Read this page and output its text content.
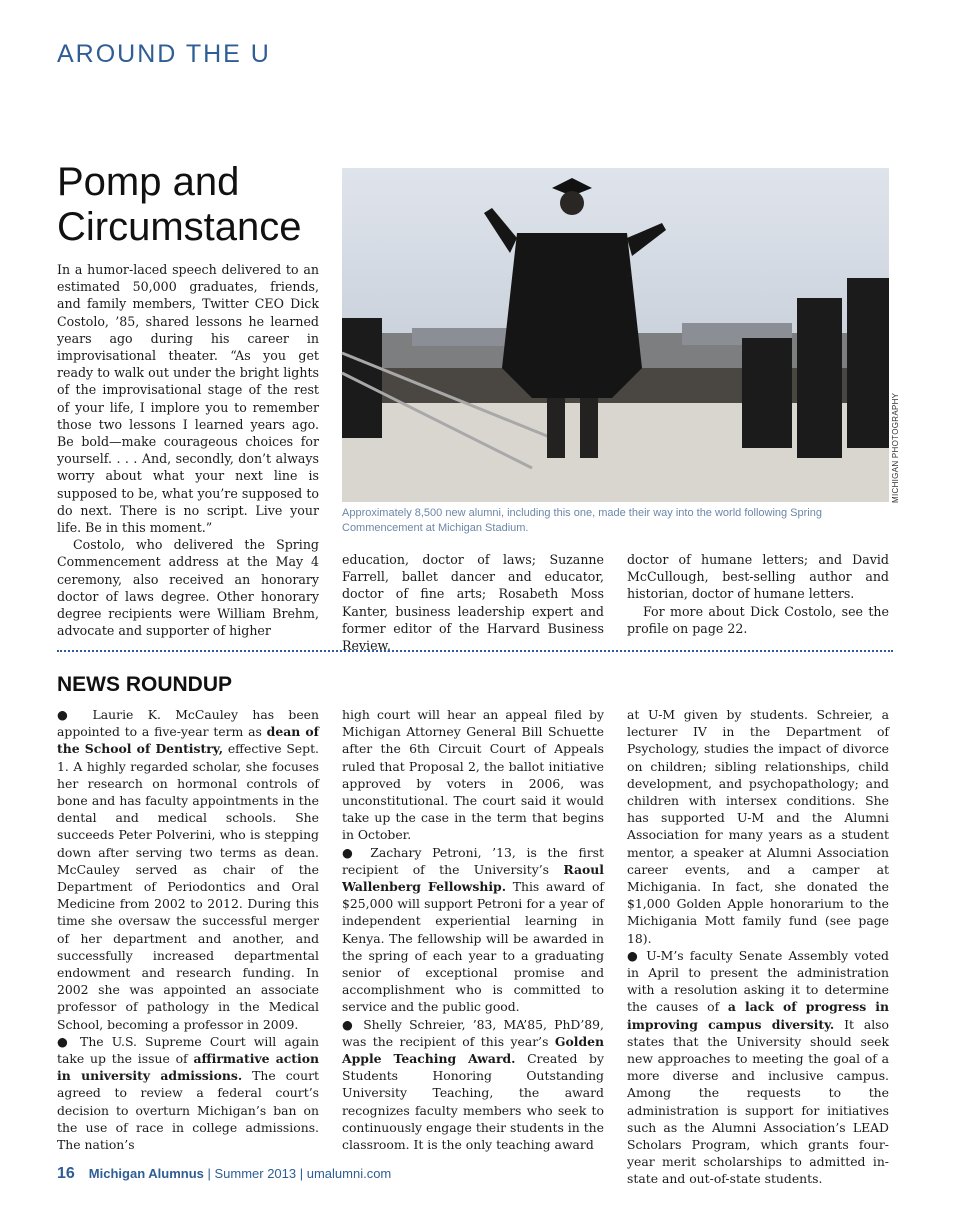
AROUND THE U
Pomp and Circumstance

In a humor-laced speech delivered to an estimated 50,000 graduates, friends, and family members, Twitter CEO Dick Costolo, ’85, shared lessons he learned years ago during his career in improvisational theater. “As you get ready to walk out under the bright lights of the improvisational stage of the rest of your life, I implore you to remember those two lessons I learned years ago. Be bold—make courageous choices for yourself. . . . And, secondly, don’t always worry about what your next line is supposed to be, what you’re supposed to do next. There is no script. Live your life. Be in this moment.”

Costolo, who delivered the Spring Commencement address at the May 4 ceremony, also received an honorary doctor of laws degree. Other honorary degree recipients were William Brehm, advocate and supporter of higher

MICHIGAN PHOTOGRAPHY

Approximately 8,500 new alumni, including this one, made their way into the world following Spring Commencement at Michigan Stadium.

education, doctor of laws; Suzanne Farrell, ballet dancer and educator, doctor of fine arts; Rosabeth Moss Kanter, business leadership expert and former editor of the Harvard Business Review,

doctor of humane letters; and David McCullough, best-selling author and historian, doctor of humane letters.

For more about Dick Costolo, see the profile on page 22.

NEWS ROUNDUP

● Laurie K. McCauley has been appointed to a five-year term as dean of the School of Dentistry, effective Sept. 1. A highly regarded scholar, she focuses her research on hormonal controls of bone and has faculty appointments in the dental and medical schools. She succeeds Peter Polverini, who is stepping down after serving two terms as dean. McCauley served as chair of the Department of Periodontics and Oral Medicine from 2002 to 2012. During this time she oversaw the successful merger of her department and another, and successfully increased departmental endowment and research funding. In 2002 she was appointed an associate professor of pathology in the Medical School, becoming a professor in 2009.

● The U.S. Supreme Court will again take up the issue of affirmative action in university admissions. The court agreed to review a federal court’s decision to overturn Michigan’s ban on the use of race in college admissions. The nation’s

high court will hear an appeal filed by Michigan Attorney General Bill Schuette after the 6th Circuit Court of Appeals ruled that Proposal 2, the ballot initiative approved by voters in 2006, was unconstitutional. The court said it would take up the case in the term that begins in October.

● Zachary Petroni, ’13, is the first recipient of the University’s Raoul Wallenberg Fellowship. This award of $25,000 will support Petroni for a year of independent experiential learning in Kenya. The fellowship will be awarded in the spring of each year to a graduating senior of exceptional promise and accomplishment who is committed to service and the public good.

● Shelly Schreier, ’83, MA’85, PhD’89, was the recipient of this year’s Golden Apple Teaching Award. Created by Students Honoring Outstanding University Teaching, the award recognizes faculty members who seek to continuously engage their students in the classroom. It is the only teaching award

at U-M given by students. Schreier, a lecturer IV in the Department of Psychology, studies the impact of divorce on children; sibling relationships, child development, and psychopathology; and children with intersex conditions. She has supported U-M and the Alumni Association for many years as a student mentor, a speaker at Alumni Association career events, and a camper at Michigania. In fact, she donated the $1,000 Golden Apple honorarium to the Michigania Mott family fund (see page 18).

● U-M’s faculty Senate Assembly voted in April to present the administration with a resolution asking it to determine the causes of a lack of progress in improving campus diversity. It also states that the University should seek new approaches to meeting the goal of a more diverse and inclusive campus. Among the requests to the administration is support for initiatives such as the Alumni Association’s LEAD Scholars Program, which grants four-year merit scholarships to admitted in-state and out-of-state students.

16 Michigan Alumnus | Summer 2013 | umalumni.com
